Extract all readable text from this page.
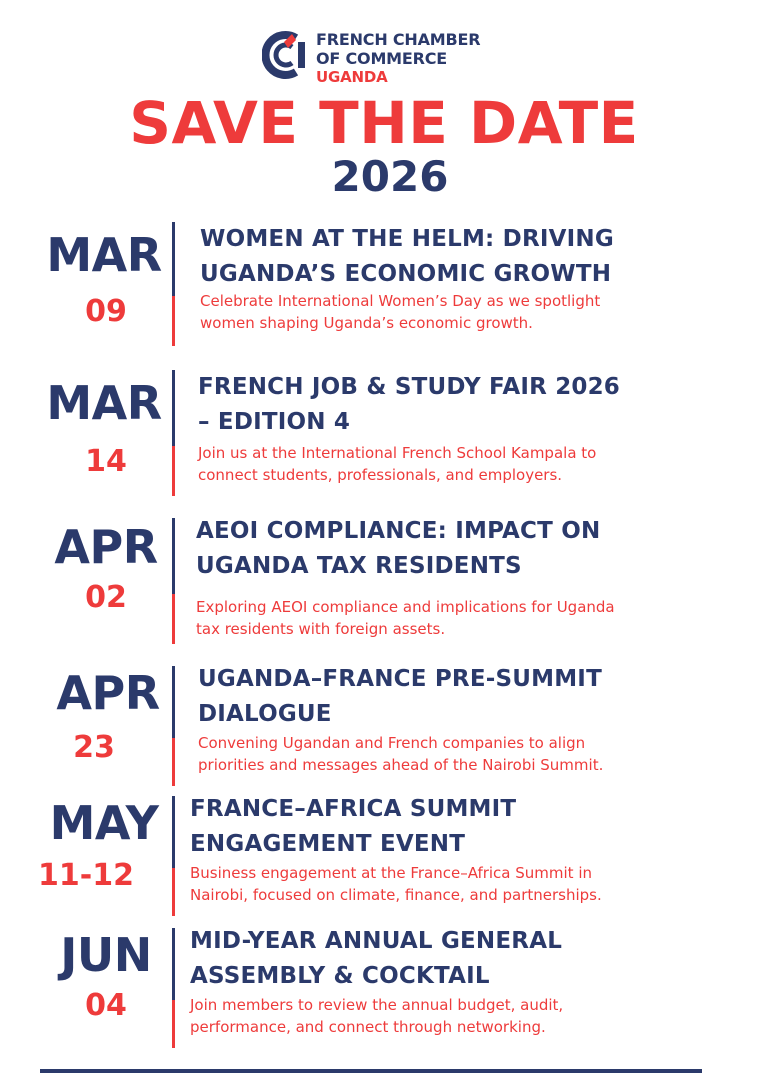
FRENCH CHAMBER
OF COMMERCE
UGANDA
SAVE THE DATE
2026
MAR
09
WOMEN AT THE HELM: DRIVING
UGANDA’S ECONOMIC GROWTH
Celebrate International Women’s Day as we spotlight
women shaping Uganda’s economic growth.
MAR
14
FRENCH JOB & STUDY FAIR 2026
– EDITION 4
Join us at the International French School Kampala to
connect students, professionals, and employers.
APR
02
AEOI COMPLIANCE: IMPACT ON
UGANDA TAX RESIDENTS
Exploring AEOI compliance and implications for Uganda
tax residents with foreign assets.
APR
23
UGANDA–FRANCE PRE-SUMMIT
DIALOGUE
Convening Ugandan and French companies to align
priorities and messages ahead of the Nairobi Summit.
MAY
11-12
FRANCE–AFRICA SUMMIT
ENGAGEMENT EVENT
Business engagement at the France–Africa Summit in
Nairobi, focused on climate, finance, and partnerships.
JUN
04
MID-YEAR ANNUAL GENERAL
ASSEMBLY & COCKTAIL
Join members to review the annual budget, audit,
performance, and connect through networking.
